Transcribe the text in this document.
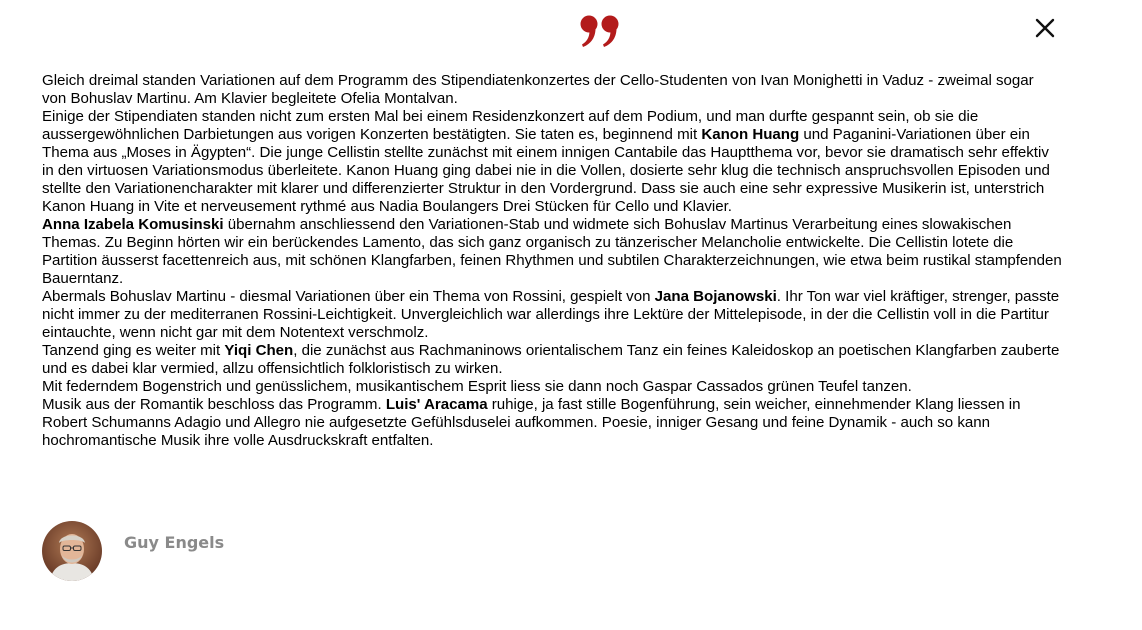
Gleich dreimal standen Variationen auf dem Programm des Stipendiatenkonzertes der Cello-Studenten von Ivan Monighetti in Vaduz - zweimal sogar von Bohuslav Martinu. Am Klavier begleitete Ofelia Montalvan.

Einige der Stipendiaten standen nicht zum ersten Mal bei einem Residenzkonzert auf dem Podium, und man durfte gespannt sein, ob sie die aussergewöhnlichen Darbietungen aus vorigen Konzerten bestätigten. Sie taten es, beginnend mit Kanon Huang und Paganini-Variationen über ein Thema aus „Moses in Ägypten“. Die junge Cellistin stellte zunächst mit einem innigen Cantabile das Hauptthema vor, bevor sie dramatisch sehr effektiv in den virtuosen Variationsmodus überleitete. Kanon Huang ging dabei nie in die Vollen, dosierte sehr klug die technisch anspruchsvollen Episoden und stellte den Variationencharakter mit klarer und differenzierter Struktur in den Vordergrund. Dass sie auch eine sehr expressive Musikerin ist, unterstrich Kanon Huang in Vite et nerveusement rythmé aus Nadia Boulangers Drei Stücken für Cello und Klavier.

Anna Izabela Komusinski übernahm anschliessend den Variationen-Stab und widmete sich Bohuslav Martinus Verarbeitung eines slowakischen Themas. Zu Beginn hörten wir ein berückendes Lamento, das sich ganz organisch zu tänzerischer Melancholie entwickelte. Die Cellistin lotete die Partition äusserst facettenreich aus, mit schönen Klangfarben, feinen Rhythmen und subtilen Charakterzeichnungen, wie etwa beim rustikal stampfenden Bauerntanz.

Abermals Bohuslav Martinu - diesmal Variationen über ein Thema von Rossini, gespielt von Jana Bojanowski. Ihr Ton war viel kräftiger, strenger, passte nicht immer zu der mediterranen Rossini-Leichtigkeit. Unvergleichlich war allerdings ihre Lektüre der Mittelepisode, in der die Cellistin voll in die Partitur eintauchte, wenn nicht gar mit dem Notentext verschmolz.

Tanzend ging es weiter mit Yiqi Chen, die zunächst aus Rachmaninows orientalischem Tanz ein feines Kaleidoskop an poetischen Klangfarben zauberte und es dabei klar vermied, allzu offensichtlich folkloristisch zu wirken.

Mit federndem Bogenstrich und genüsslichem, musikantischem Esprit liess sie dann noch Gaspar Cassados grünen Teufel tanzen.

Musik aus der Romantik beschloss das Programm. Luis' Aracama ruhige, ja fast stille Bogenführung, sein weicher, einnehmender Klang liessen in Robert Schumanns Adagio und Allegro nie aufgesetzte Gefühlsduselei aufkommen. Poesie, inniger Gesang und feine Dynamik - auch so kann hochromantische Musik ihre volle Ausdruckskraft entfalten.

Guy Engels
